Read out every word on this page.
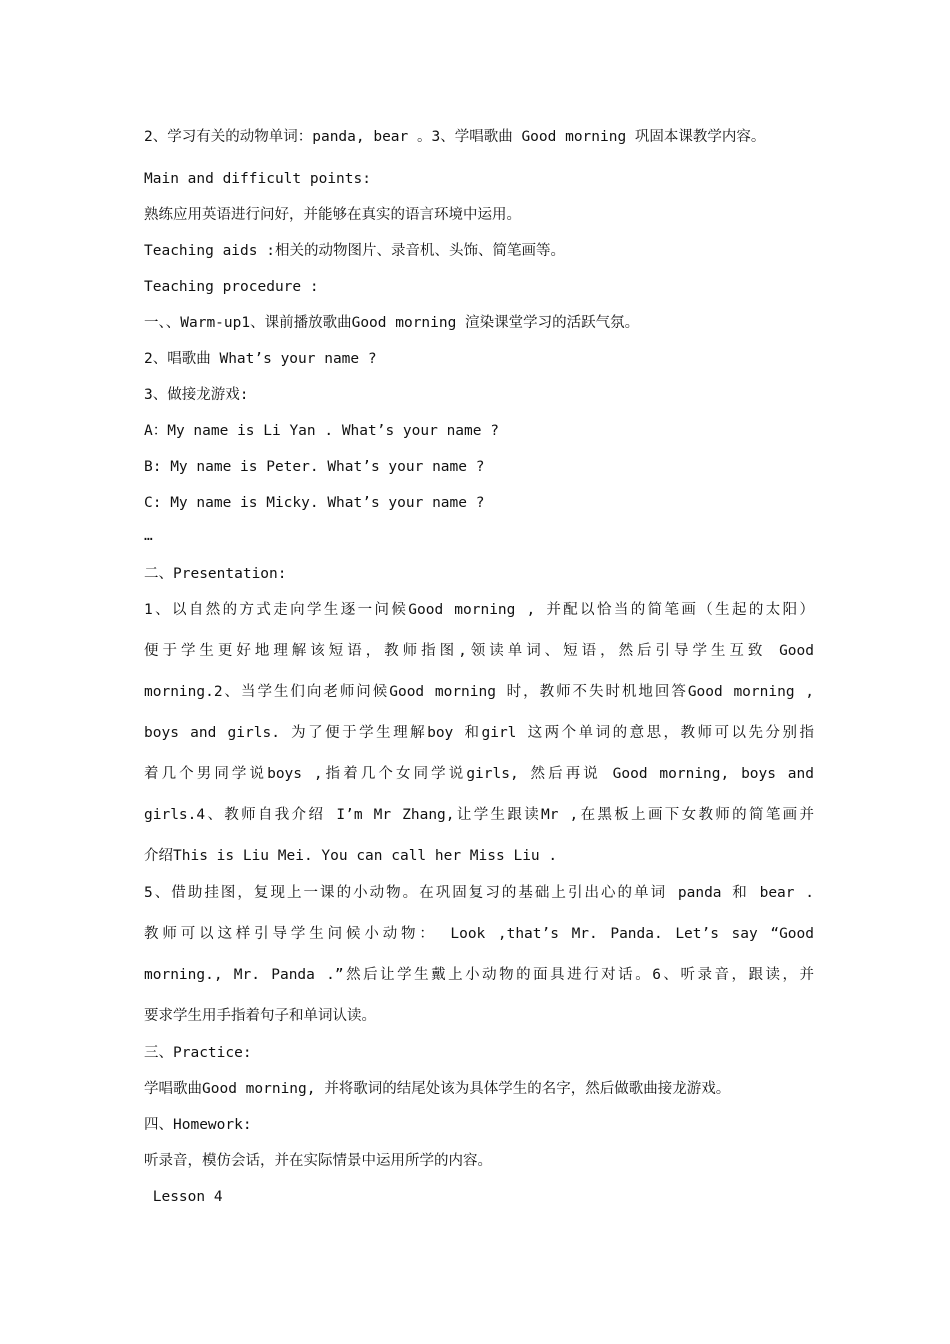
2、学习有关的动物单词：panda, bear 。3、学唱歌曲 Good morning 巩固本课教学内容。
Main and difficult points:
熟练应用英语进行问好，并能够在真实的语言环境中运用。
Teaching aids :相关的动物图片、录音机、头饰、简笔画等。
Teaching procedure :
一、、Warm-up1、课前播放歌曲Good morning 渲染课堂学习的活跃气氛。
2、唱歌曲 What’s your name ?
3、做接龙游戏:
A：My name is Li Yan . What’s your name ?
B: My name is Peter. What’s your name ?
C: My name is Micky. What’s your name ?
…
二、Presentation:
1、以自然的方式走向学生逐一问候Good morning , 并配以恰当的简笔画（生起的太阳）
便于学生更好地理解该短语，教师指图,领读单词、短语，然后引导学生互致 Good
morning.2、当学生们向老师问候Good morning 时，教师不失时机地回答Good morning ,
boys and girls. 为了便于学生理解boy 和girl 这两个单词的意思，教师可以先分别指
着几个男同学说boys ,指着几个女同学说girls, 然后再说 Good morning, boys and
girls.4、教师自我介绍 I’m Mr Zhang,让学生跟读Mr ,在黑板上画下女教师的简笔画并
介绍This is Liu Mei. You can call her Miss Liu .
5、借助挂图，复现上一课的小动物。在巩固复习的基础上引出心的单词 panda 和 bear .
教师可以这样引导学生问候小动物： Look ,that’s Mr. Panda. Let’s say “Good
morning., Mr. Panda .”然后让学生戴上小动物的面具进行对话。6、听录音，跟读，并
要求学生用手指着句子和单词认读。
三、Practice:
学唱歌曲Good morning, 并将歌词的结尾处该为具体学生的名字，然后做歌曲接龙游戏。
四、Homework:
听录音，模仿会话，并在实际情景中运用所学的内容。
Lesson 4
